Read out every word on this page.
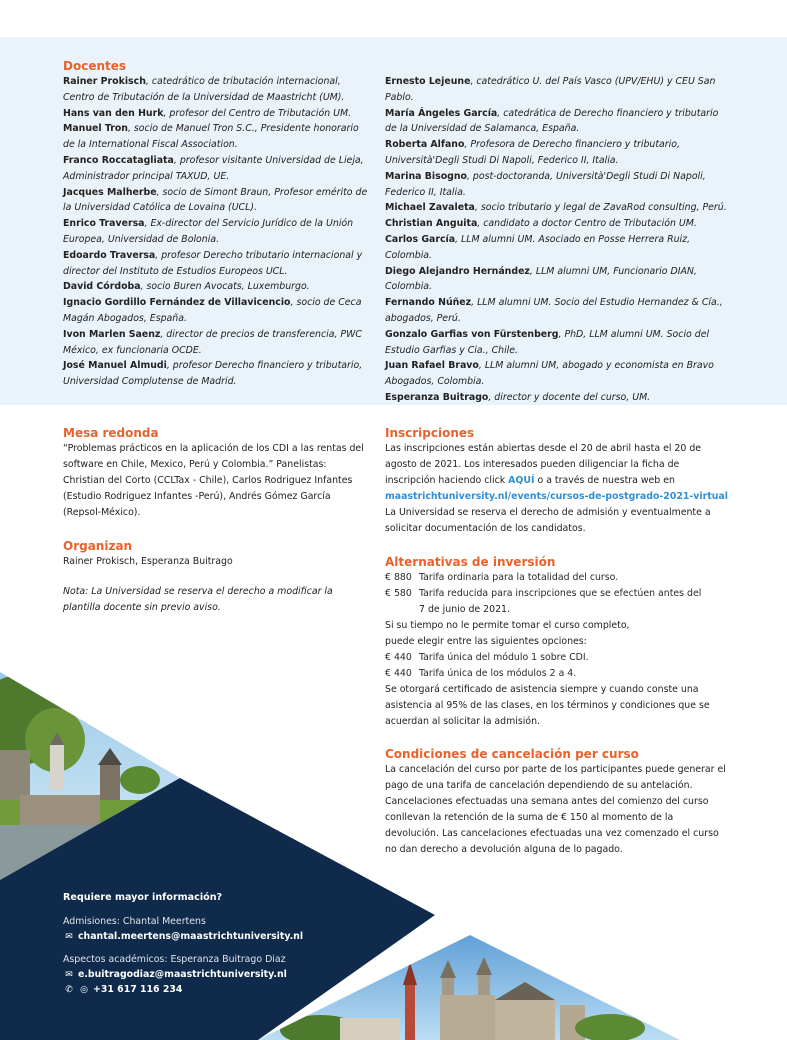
Docentes

Rainer Prokisch, catedrático de tributación internacional, Centro de Tributación de la Universidad de Maastricht (UM).

Hans van den Hurk, profesor del Centro de Tributación UM.

Manuel Tron, socio de Manuel Tron S.C., Presidente honorario de la International Fiscal Association.

Franco Roccatagliata, profesor visitante Universidad de Lieja, Administrador principal TAXUD, UE.

Jacques Malherbe, socio de Simont Braun, Profesor emérito de la Universidad Católica de Lovaina (UCL).

Enrico Traversa, Ex-director del Servicio Jurídico de la Unión Europea, Universidad de Bolonia.

Edoardo Traversa, profesor Derecho tributario internacional y director del Instituto de Estudios Europeos UCL.

David Córdoba, socio Buren Avocats, Luxemburgo.

Ignacio Gordillo Fernández de Villavicencio, socio de Ceca Magán Abogados, España.

Ivon Marlen Saenz, director de precios de transferencia, PWC México, ex funcionaria OCDE.

José Manuel Almudi, profesor Derecho financiero y tributario, Universidad Complutense de Madrid.

Ernesto Lejeune, catedrático U. del País Vasco (UPV/EHU) y CEU San Pablo.

María Ángeles García, catedrática de Derecho financiero y tributario de la Universidad de Salamanca, España.

Roberta Alfano, Profesora de Derecho financiero y tributario, Università'Degli Studi Di Napoli, Federico II, Italia.

Marina Bisogno, post-doctoranda, Università'Degli Studi Di Napoli, Federico II, Italia.

Michael Zavaleta, socio tributario y legal de ZavaRod consulting, Perú.

Christian Anguita, candidato a doctor Centro de Tributación UM.

Carlos García, LLM alumni UM. Asociado en Posse Herrera Ruiz, Colombia.

Diego Alejandro Hernández, LLM alumni UM, Funcionario DIAN, Colombia.

Fernando Núñez, LLM alumni UM. Socio del Estudio Hernandez & Cía., abogados, Perú.

Gonzalo Garfias von Fürstenberg, PhD, LLM alumni UM. Socio del Estudio Garfias y Cia., Chile.

Juan Rafael Bravo, LLM alumni UM, abogado y economista en Bravo Abogados, Colombia.

Esperanza Buitrago, director y docente del curso, UM.

Mesa redonda

“Problemas prácticos en la aplicación de los CDI a las rentas del software en Chile, Mexico, Perú y Colombia.” Panelistas: Christian del Corto (CCLTax - Chile), Carlos Rodriguez Infantes (Estudio Rodriguez Infantes -Perú), Andrés Gómez García (Repsol-México).

Organizan

Rainer Prokisch, Esperanza Buitrago

Nota: La Universidad se reserva el derecho a modificar la plantilla docente sin previo aviso.

Inscripciones

Las inscripciones están abiertas desde el 20 de abril hasta el 20 de agosto de 2021. Los interesados pueden diligenciar la ficha de inscripción haciendo click AQUÍ o a través de nuestra web en

maastrichtuniversity.nl/events/cursos-de-postgrado-2021-virtual

La Universidad se reserva el derecho de admisión y eventualmente a solicitar documentación de los candidatos.

Alternativas de inversión
€ 880 Tarifa ordinaria para la totalidad del curso.
€ 580 Tarifa reducida para inscripciones que se efectúen antes del
7 de junio de 2021.
Si su tiempo no le permite tomar el curso completo,
puede elegir entre las siguientes opciones:
€ 440 Tarifa única del módulo 1 sobre CDI.
€ 440 Tarifa única de los módulos 2 a 4.

Se otorgará certificado de asistencia siempre y cuando conste una asistencia al 95% de las clases, en los términos y condiciones que se acuerdan al solicitar la admisión.

Condiciones de cancelación per curso

La cancelación del curso por parte de los participantes puede generar el pago de una tarifa de cancelación dependiendo de su antelación. Cancelaciones efectuadas una semana antes del comienzo del curso conllevan la retención de la suma de € 150 al momento de la devolución. Las cancelaciones efectuadas una vez comenzado el curso no dan derecho a devolución alguna de lo pagado.

Requiere mayor información?
Admisiones: Chantal Meertens
✉ chantal.meertens@maastrichtuniversity.nl
Aspectos académicos: Esperanza Buitrago Diaz
✉ e.buitragodiaz@maastrichtuniversity.nl
✆ ◎ +31 617 116 234
